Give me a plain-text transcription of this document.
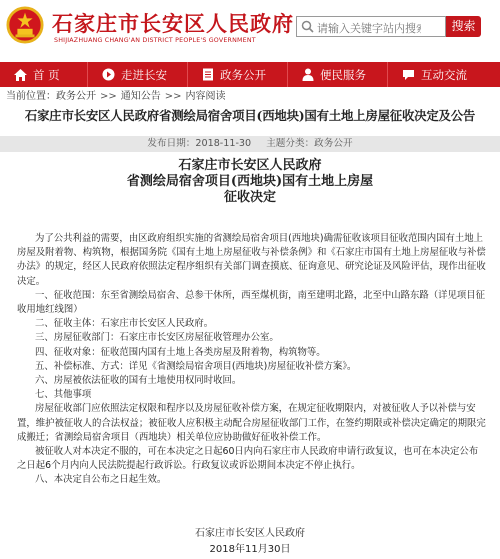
石家庄市长安区人民政府
SHIJIAZHUANG CHANG'AN DISTRICT PEOPLE'S GOVERNMENT
请输入关键字站内搜索
搜索
首 页	走进长安	政务公开	便民服务	互动交流
当前位置：政务公开 >> 通知公告 >> 内容阅读
石家庄市长安区人民政府省测绘局宿舍项目(西地块)国有土地上房屋征收决定及公告
发布日期：2018-11-30 主题分类：政务公开
石家庄市长安区人民政府
省测绘局宿舍项目(西地块)国有土地上房屋
征收决定

为了公共利益的需要，由区政府组织实施的省测绘局宿舍项目(西地块)确需征收该项目征收范围内国有土地上房屋及附着物、构筑物，根据国务院《国有土地上房屋征收与补偿条例》和《石家庄市国有土地上房屋征收与补偿办法》的规定，经区人民政府依照法定程序组织有关部门调查摸底、征询意见、研究论证及风险评估，现作出征收决定。

一、征收范围：东至省测绘局宿舍、总参干休所，西至煤机街，南至建明北路，北至中山路东路（详见项目征收用地红线图）

二、征收主体：石家庄市长安区人民政府。

三、房屋征收部门：石家庄市长安区房屋征收管理办公室。

四、征收对象：征收范围内国有土地上各类房屋及附着物，构筑物等。

五、补偿标准、方式：详见《省测绘局宿舍项目(西地块)房屋征收补偿方案》。

六、房屋被依法征收的国有土地使用权同时收回。

七、其他事项

房屋征收部门应依照法定权限和程序以及房屋征收补偿方案，在规定征收期限内，对被征收人予以补偿与安置，维护被征收人的合法权益；被征收人应积极主动配合房屋征收部门工作，在签约期限或补偿决定确定的期限完成搬迁；省测绘局宿舍项目（西地块）相关单位应协助做好征收补偿工作。

被征收人对本决定不服的，可在本决定之日起60日内向石家庄市人民政府申请行政复议，也可在本决定公布之日起6个月内向人民法院提起行政诉讼。行政复议或诉讼期间本决定不停止执行。

八、本决定自公布之日起生效。

石家庄市长安区人民政府
2018年11月30日
